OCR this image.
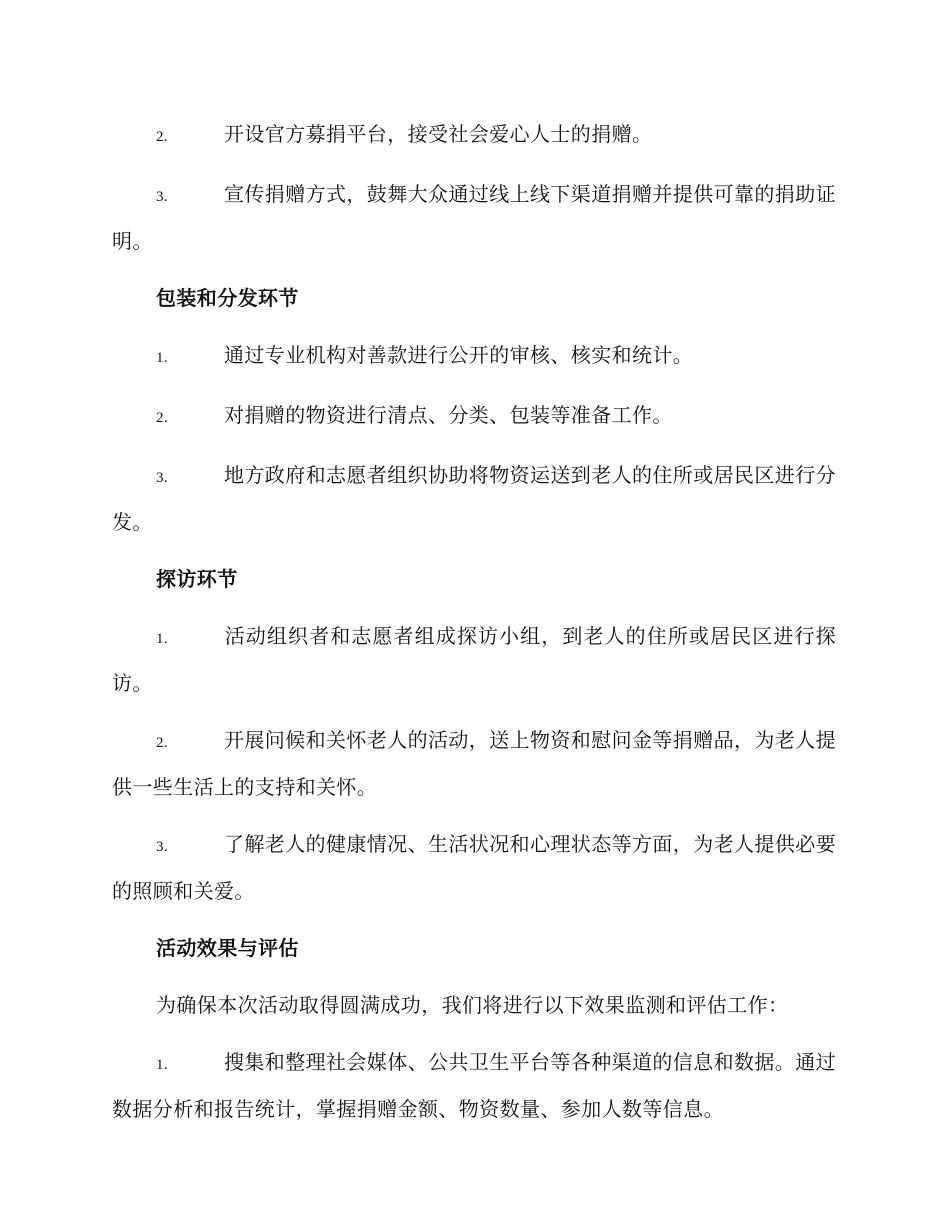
2.	开设官方募捐平台，接受社会爱心人士的捐赠。

3.	宣传捐赠方式，鼓舞大众通过线上线下渠道捐赠并提供可靠的捐助证明。

包装和分发环节

1.	通过专业机构对善款进行公开的审核、核实和统计。

2.	对捐赠的物资进行清点、分类、包装等准备工作。

3.	地方政府和志愿者组织协助将物资运送到老人的住所或居民区进行分发。

探访环节

1.	活动组织者和志愿者组成探访小组，到老人的住所或居民区进行探访。

2.	开展问候和关怀老人的活动，送上物资和慰问金等捐赠品，为老人提供一些生活上的支持和关怀。

3.	了解老人的健康情况、生活状况和心理状态等方面，为老人提供必要的照顾和关爱。

活动效果与评估

为确保本次活动取得圆满成功，我们将进行以下效果监测和评估工作：

1.	搜集和整理社会媒体、公共卫生平台等各种渠道的信息和数据。通过数据分析和报告统计，掌握捐赠金额、物资数量、参加人数等信息。
